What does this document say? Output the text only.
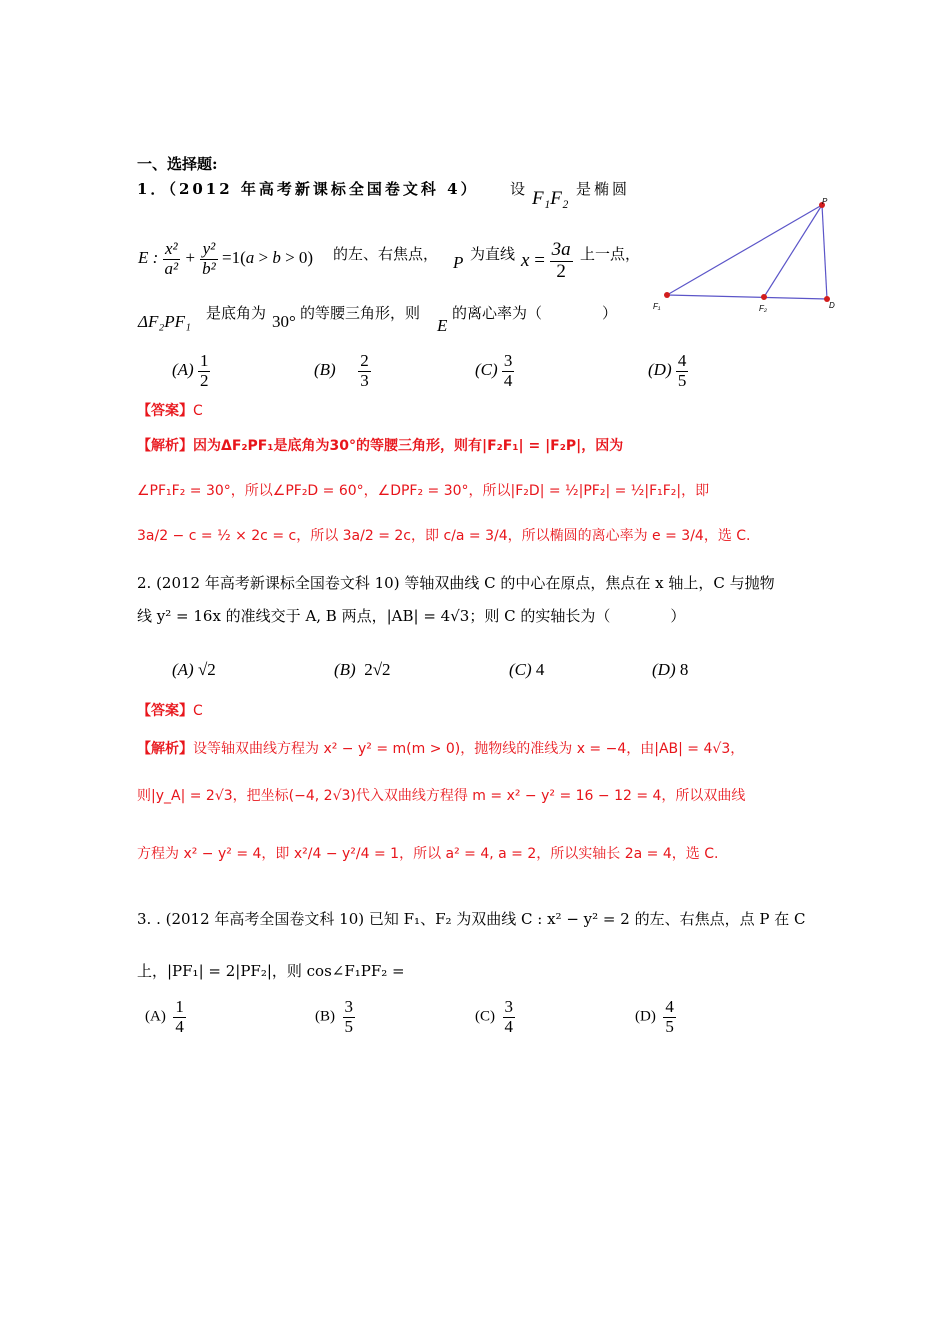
一、选择题:
1．（2012 年高考新课标全国卷文科 4） 设 F₁F₂ 是椭圆
E : $\frac{\text{x²}}{\text{a²}} + \frac{\text{y²}}{\text{b²}} =1(a > b > 0)$ 的左、右焦点， P 为直线 $x = \frac{3a}{2}$ 上一点，
ΔF₂PF₁ 是底角为 30° 的等腰三角形，则
E
的离心率为（　　　　）
P
F₁	F₂	D
$(A) \frac{1}{2}$	$(B) \frac{2}{3}$	$(C) \frac{3}{4}$	$(D) \frac{4}{5}$
【答案】C
【解析】因为ΔF₂PF₁是底角为30°的等腰三角形，则有|F₂F₁| = |F₂P|，因为
∠PF₁F₂ = 30°，所以∠PF₂D = 60°，∠DPF₂ = 30°，所以|F₂D| = ½|PF₂| = ½|F₁F₂|，即
3a/2 − c = ½ × 2c = c，所以 3a/2 = 2c，即 c/a = 3/4，所以椭圆的离心率为 e = 3/4，选 C.
2. (2012 年高考新课标全国卷文科 10) 等轴双曲线 C 的中心在原点，焦点在 x 轴上，C 与抛物
线 y² = 16x 的准线交于 A, B 两点，|AB| = 4√3；则 C 的实轴长为（　　　　）
(A) √2	(B) 2√2	(C) 4	(D) 8
【答案】C
【解析】设等轴双曲线方程为 x² − y² = m(m > 0)，抛物线的准线为 x = −4，由|AB| = 4√3，
则|y_A| = 2√3，把坐标(−4, 2√3)代入双曲线方程得 m = x² − y² = 16 − 12 = 4，所以双曲线
方程为 x² − y² = 4，即 x²/4 − y²/4 = 1，所以 a² = 4, a = 2，所以实轴长 2a = 4，选 C.
3. . (2012 年高考全国卷文科 10) 已知 F₁、F₂ 为双曲线 C : x² − y² = 2 的左、右焦点，点 P 在 C
上，|PF₁| = 2|PF₂|，则 cos∠F₁PF₂ =
$(A) \frac{1}{4}$	$(B) \frac{3}{5}$	$(C) \frac{3}{4}$	$(D) \frac{4}{5}$
